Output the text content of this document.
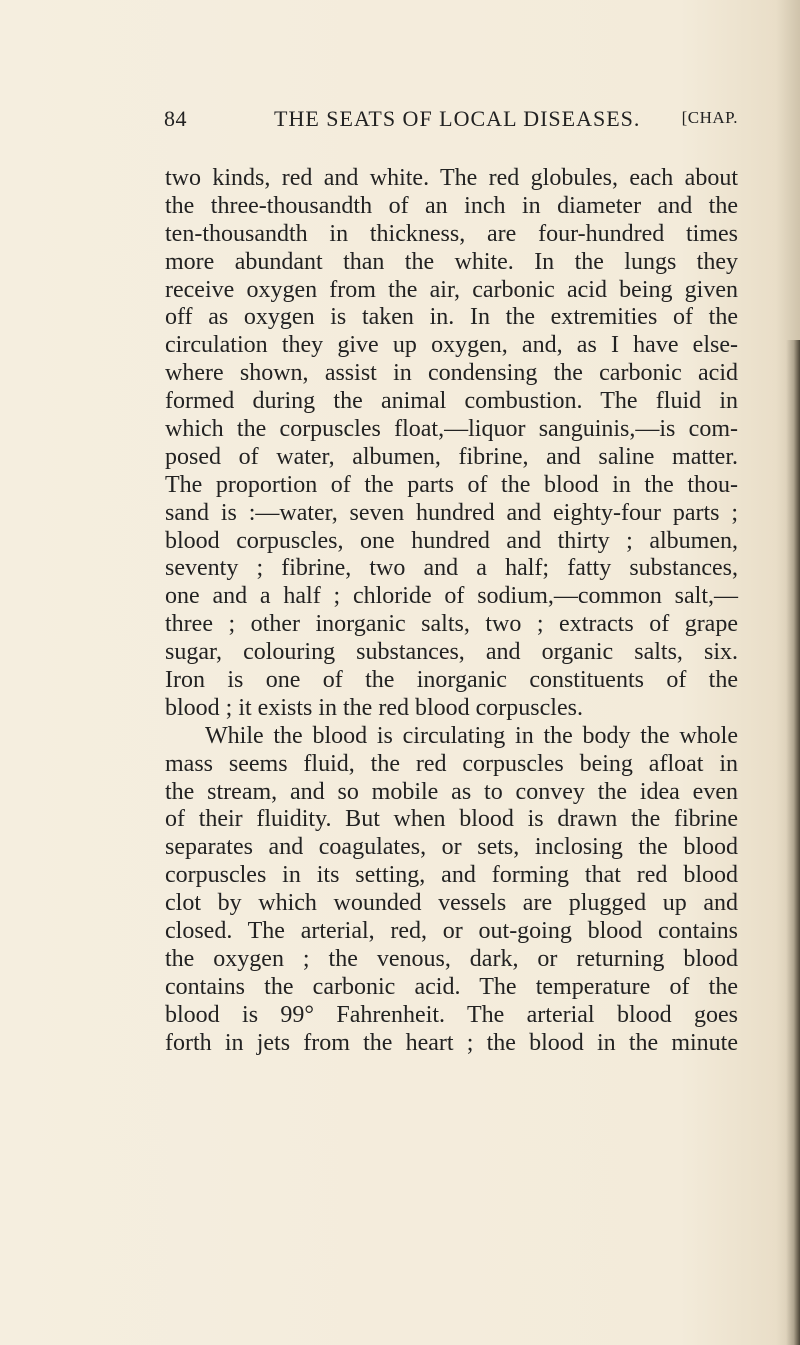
84	THE SEATS OF LOCAL DISEASES. [CHAP.
two kinds, red and white. The red globules, each about
the three-thousandth of an inch in diameter and the
ten-thousandth in thickness, are four-hundred times
more abundant than the white. In the lungs they
receive oxygen from the air, carbonic acid being given
off as oxygen is taken in. In the extremities of the
circulation they give up oxygen, and, as I have else-
where shown, assist in condensing the carbonic acid
formed during the animal combustion. The fluid in
which the corpuscles float,—liquor sanguinis,—is com-
posed of water, albumen, fibrine, and saline matter.
The proportion of the parts of the blood in the thou-
sand is :—water, seven hundred and eighty-four parts ;
blood corpuscles, one hundred and thirty ; albumen,
seventy ; fibrine, two and a half; fatty substances,
one and a half ; chloride of sodium,—common salt,—
three ; other inorganic salts, two ; extracts of grape
sugar, colouring substances, and organic salts, six.
Iron is one of the inorganic constituents of the
blood ; it exists in the red blood corpuscles.
While the blood is circulating in the body the whole
mass seems fluid, the red corpuscles being afloat in
the stream, and so mobile as to convey the idea even
of their fluidity. But when blood is drawn the fibrine
separates and coagulates, or sets, inclosing the blood
corpuscles in its setting, and forming that red blood
clot by which wounded vessels are plugged up and
closed. The arterial, red, or out-going blood contains
the oxygen ; the venous, dark, or returning blood
contains the carbonic acid. The temperature of the
blood is 99° Fahrenheit. The arterial blood goes
forth in jets from the heart ; the blood in the minute
